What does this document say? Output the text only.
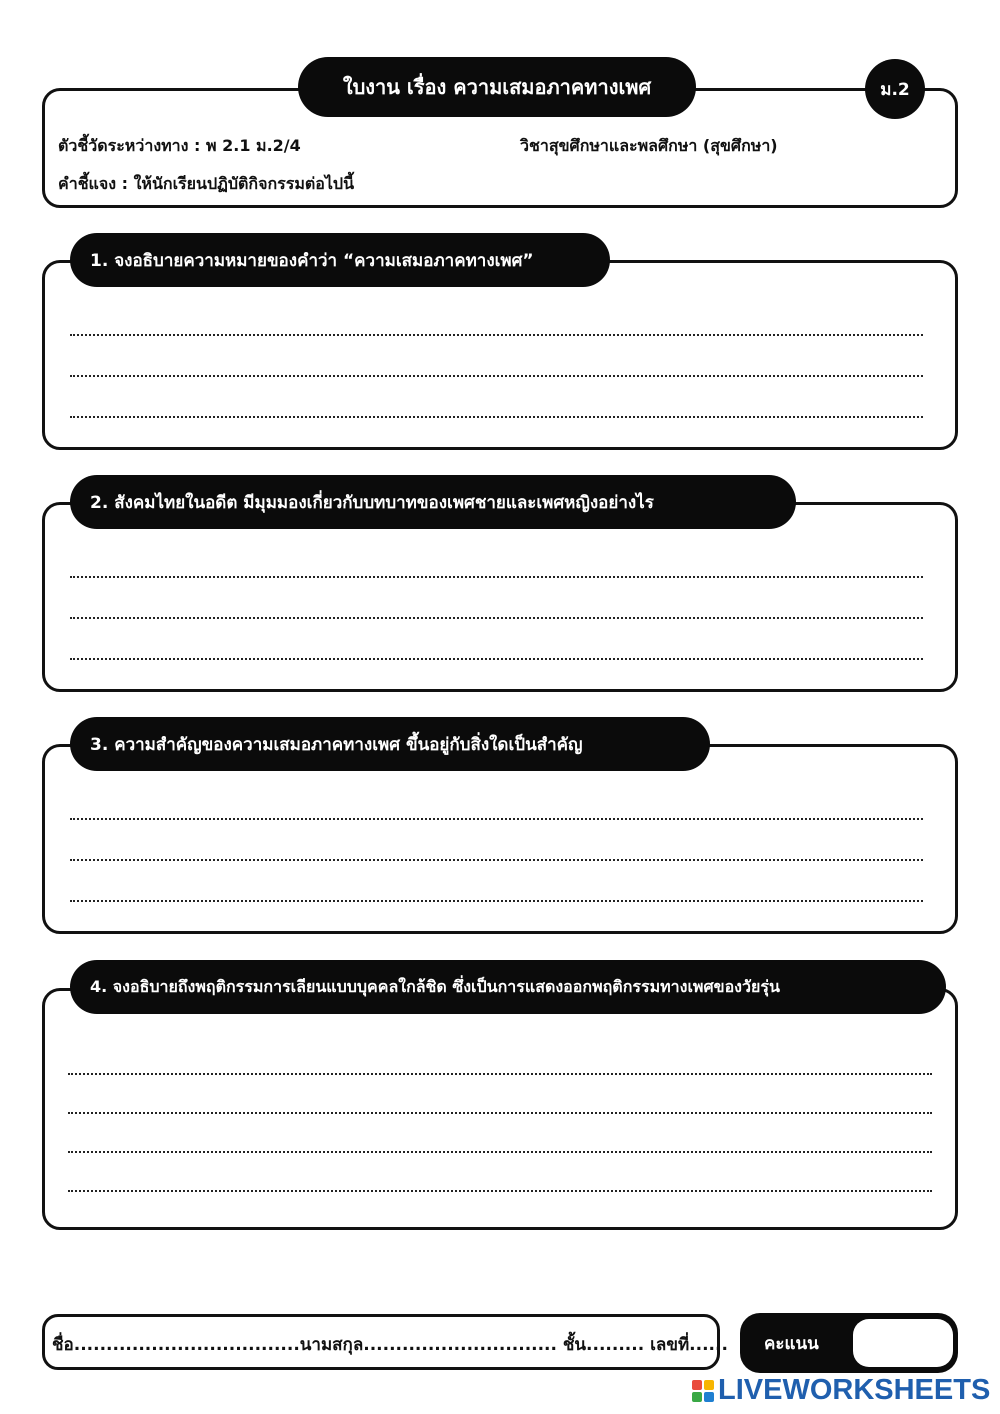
ใบงาน เรื่อง ความเสมอภาคทางเพศ	ม.2
ตัวชี้วัดระหว่างทาง : พ 2.1 ม.2/4	วิชาสุขศึกษาและพลศึกษา (สุขศึกษา)
คำชี้แจง : ให้นักเรียนปฏิบัติกิจกรรมต่อไปนี้
1. จงอธิบายความหมายของคำว่า “ความเสมอภาคทางเพศ”
2. สังคมไทยในอดีต มีมุมมองเกี่ยวกับบทบาทของเพศชายและเพศหญิงอย่างไร
3. ความสำคัญของความเสมอภาคทางเพศ ขึ้นอยู่กับสิ่งใดเป็นสำคัญ
4. จงอธิบายถึงพฤติกรรมการเลียนแบบบุคคลใกล้ชิด ซึ่งเป็นการแสดงออกพฤติกรรมทางเพศของวัยรุ่น
ชื่อ...................................นามสกุล.............................. ชั้น......... เลขที่...... คะแนน
LIVEWORKSHEETS
